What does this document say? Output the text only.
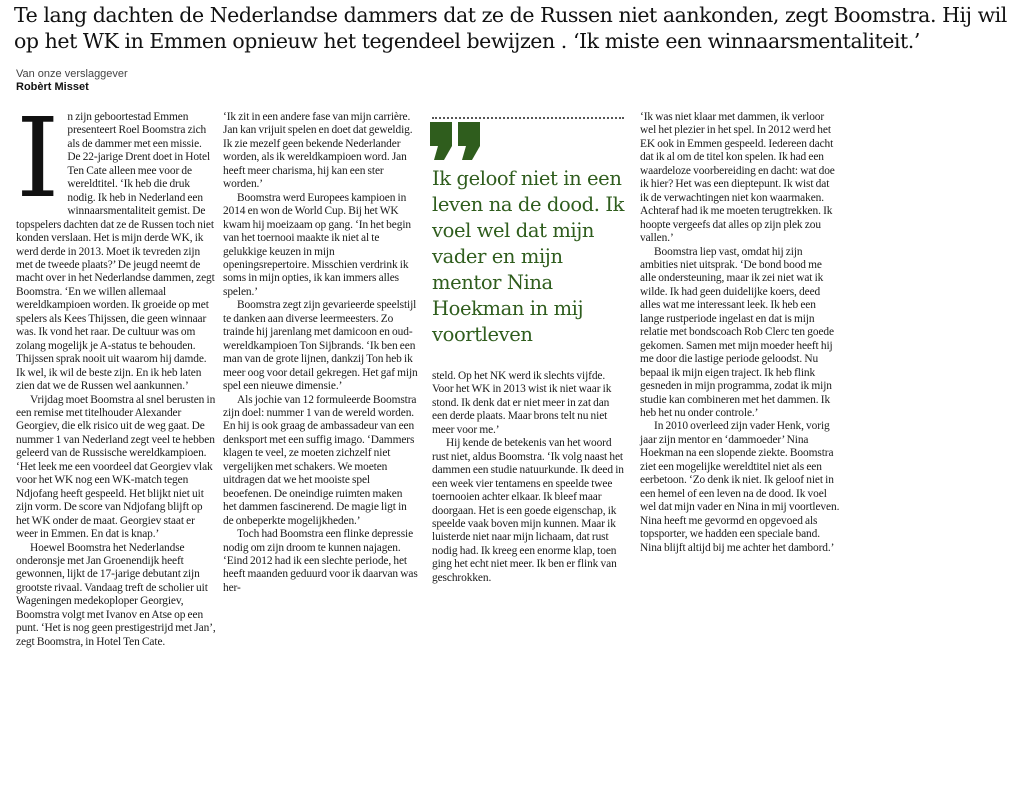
Te lang dachten de Nederlandse dammers dat ze de Russen niet aankonden, zegt Boomstra. Hij wil op het WK in Emmen opnieuw het tegendeel bewijzen . ‘Ik miste een winnaarsmentaliteit.’
Van onze verslaggever
Robèrt Misset
I n zijn geboortestad Emmen presenteert Roel Boomstra zich als de dammer met een missie. De 22-jarige Drent doet in Hotel Ten Cate alleen mee voor de wereldtitel. ‘Ik heb die druk nodig. Ik heb in Nederland een winnaarsmentaliteit gemist. De topspelers dachten dat ze de Russen toch niet konden verslaan. Het is mijn derde WK, ik werd derde in 2013. Moet ik tevreden zijn met de tweede plaats?’ De jeugd neemt de macht over in het Nederlandse dammen, zegt Boomstra. ‘En we willen allemaal wereldkampioen worden. Ik groeide op met spelers als Kees Thijssen, die geen winnaar was. Ik vond het raar. De cultuur was om zolang mogelijk je A-status te behouden. Thijssen sprak nooit uit waarom hij damde. Ik wel, ik wil de beste zijn. En ik heb laten zien dat we de Russen wel aankunnen.’

Vrijdag moet Boomstra al snel berusten in een remise met titelhouder Alexander Georgiev, die elk risico uit de weg gaat. De nummer 1 van Nederland zegt veel te hebben geleerd van de Russische wereldkampioen. ‘Het leek me een voordeel dat Georgiev vlak voor het WK nog een WK-match tegen Ndjofang heeft gespeeld. Het blijkt niet uit zijn vorm. De score van Ndjofang blijft op het WK onder de maat. Georgiev staat er weer in Emmen. En dat is knap.’

Hoewel Boomstra het Nederlandse onderonsje met Jan Groenendijk heeft gewonnen, lijkt de 17-jarige debutant zijn grootste rivaal. Vandaag treft de scholier uit Wageningen medekoploper Georgiev, Boomstra volgt met Ivanov en Atse op een punt. ‘Het is nog geen prestigestrijd met Jan’, zegt Boomstra, in Hotel Ten Cate.

‘Ik zit in een andere fase van mijn carrière. Jan kan vrijuit spelen en doet dat geweldig. Ik zie mezelf geen bekende Nederlander worden, als ik wereldkampioen word. Jan heeft meer charisma, hij kan een ster worden.’

Boomstra werd Europees kampioen in 2014 en won de World Cup. Bij het WK kwam hij moeizaam op gang. ‘In het begin van het toernooi maakte ik niet al te gelukkige keuzen in mijn openingsrepertoire. Misschien verdrink ik soms in mijn opties, ik kan immers alles spelen.’

Boomstra zegt zijn gevarieerde speelstijl te danken aan diverse leermeesters. Zo trainde hij jarenlang met damicoon en oud-wereldkampioen Ton Sijbrands. ‘Ik ben een man van de grote lijnen, dankzij Ton heb ik meer oog voor detail gekregen. Het gaf mijn spel een nieuwe dimensie.’

Als jochie van 12 formuleerde Boomstra zijn doel: nummer 1 van de wereld worden. En hij is ook graag de ambassadeur van een denksport met een suffig imago. ‘Dammers klagen te veel, ze moeten zichzelf niet vergelijken met schakers. We moeten uitdragen dat we het mooiste spel beoefenen. De oneindige ruimten maken het dammen fascinerend. De magie ligt in de onbeperkte mogelijkheden.’

Toch had Boomstra een flinke depressie nodig om zijn droom te kunnen najagen. ‘Eind 2012 had ik een slechte periode, het heeft maanden geduurd voor ik daarvan was her-

Ik geloof niet in een leven na de dood. Ik voel wel dat mijn vader en mijn mentor Nina Hoekman in mij voortleven

steld. Op het NK werd ik slechts vijfde. Voor het WK in 2013 wist ik niet waar ik stond. Ik denk dat er niet meer in zat dan een derde plaats. Maar brons telt nu niet meer voor me.’

Hij kende de betekenis van het woord rust niet, aldus Boomstra. ‘Ik volg naast het dammen een studie natuurkunde. Ik deed in een week vier tentamens en speelde twee toernooien achter elkaar. Ik bleef maar doorgaan. Het is een goede eigenschap, ik speelde vaak boven mijn kunnen. Maar ik luisterde niet naar mijn lichaam, dat rust nodig had. Ik kreeg een enorme klap, toen ging het echt niet meer. Ik ben er flink van geschrokken.

‘Ik was niet klaar met dammen, ik verloor wel het plezier in het spel. In 2012 werd het EK ook in Emmen gespeeld. Iedereen dacht dat ik al om de titel kon spelen. Ik had een waardeloze voorbereiding en dacht: wat doe ik hier? Het was een dieptepunt. Ik wist dat ik de verwachtingen niet kon waarmaken. Achteraf had ik me moeten terugtrekken. Ik hoopte vergeefs dat alles op zijn plek zou vallen.’

Boomstra liep vast, omdat hij zijn ambities niet uitsprak. ‘De bond bood me alle ondersteuning, maar ik zei niet wat ik wilde. Ik had geen duidelijke koers, deed alles wat me interessant leek. Ik heb een lange rustperiode ingelast en dat is mijn relatie met bondscoach Rob Clerc ten goede gekomen. Samen met mijn moeder heeft hij me door die lastige periode geloodst. Nu bepaal ik mijn eigen traject. Ik heb flink gesneden in mijn programma, zodat ik mijn studie kan combineren met het dammen. Ik heb het nu onder controle.’

In 2010 overleed zijn vader Henk, vorig jaar zijn mentor en ‘dammoeder’ Nina Hoekman na een slopende ziekte. Boomstra ziet een mogelijke wereldtitel niet als een eerbetoon. ‘Zo denk ik niet. Ik geloof niet in een hemel of een leven na de dood. Ik voel wel dat mijn vader en Nina in mij voortleven. Nina heeft me gevormd en opgevoed als topsporter, we hadden een speciale band. Nina blijft altijd bij me achter het dambord.’
